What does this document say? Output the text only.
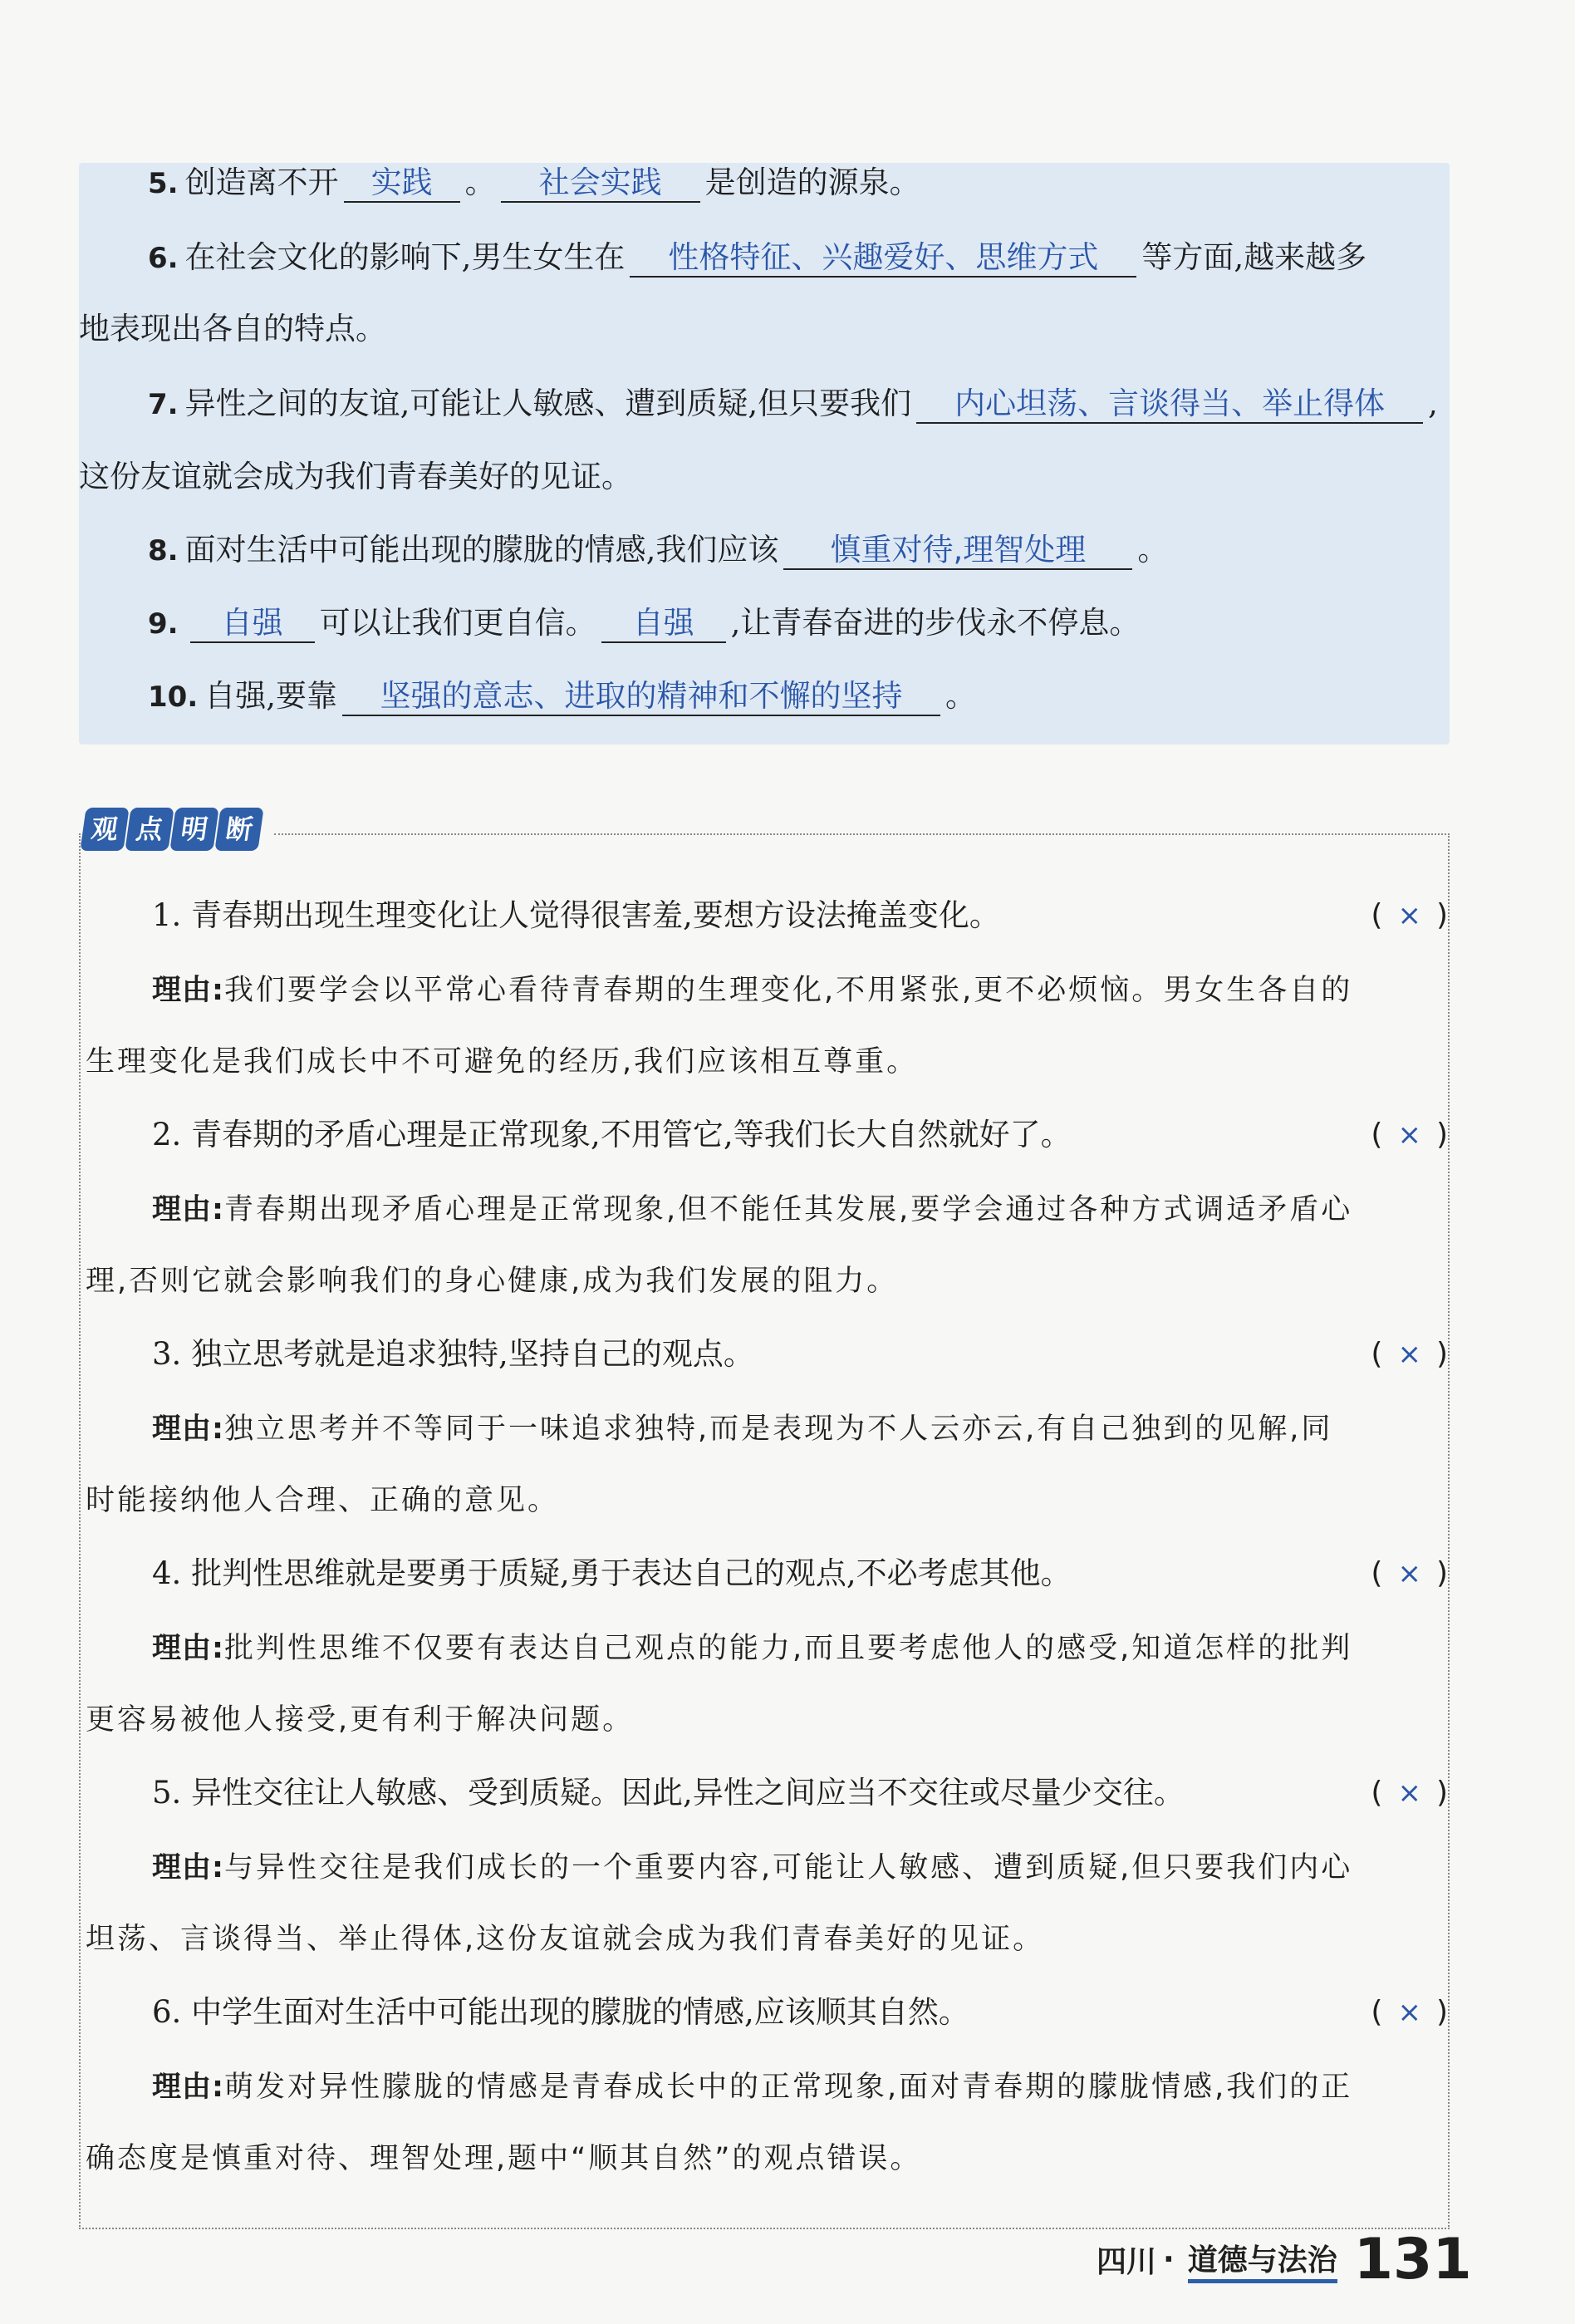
5. 创造离不开 实践 。 社会实践 是创造的源泉。
6. 在社会文化的影响下,男生女生在 性格特征、兴趣爱好、思维方式 等方面,越来越多
地表现出各自的特点。
7. 异性之间的友谊,可能让人敏感、遭到质疑,但只要我们 内心坦荡、言谈得当、举止得体 ,
这份友谊就会成为我们青春美好的见证。
8. 面对生活中可能出现的朦胧的情感,我们应该 慎重对待,理智处理 。
9. 自强 可以让我们更自信。 自强 ,让青春奋进的步伐永不停息。
10. 自强,要靠 坚强的意志、进取的精神和不懈的坚持 。
观 点 明 断
1. 青春期出现生理变化让人觉得很害羞,要想方设法掩盖变化。	( × )
理由:我们要学会以平常心看待青春期的生理变化,不用紧张,更不必烦恼。男女生各自的
生理变化是我们成长中不可避免的经历,我们应该相互尊重。
2. 青春期的矛盾心理是正常现象,不用管它,等我们长大自然就好了。	( × )
理由:青春期出现矛盾心理是正常现象,但不能任其发展,要学会通过各种方式调适矛盾心
理,否则它就会影响我们的身心健康,成为我们发展的阻力。
3. 独立思考就是追求独特,坚持自己的观点。	( × )
理由:独立思考并不等同于一味追求独特,而是表现为不人云亦云,有自己独到的见解,同
时能接纳他人合理、正确的意见。
4. 批判性思维就是要勇于质疑,勇于表达自己的观点,不必考虑其他。	( × )
理由:批判性思维不仅要有表达自己观点的能力,而且要考虑他人的感受,知道怎样的批判
更容易被他人接受,更有利于解决问题。
5. 异性交往让人敏感、受到质疑。因此,异性之间应当不交往或尽量少交往。	( × )
理由:与异性交往是我们成长的一个重要内容,可能让人敏感、遭到质疑,但只要我们内心
坦荡、言谈得当、举止得体,这份友谊就会成为我们青春美好的见证。
6. 中学生面对生活中可能出现的朦胧的情感,应该顺其自然。	( × )
理由:萌发对异性朦胧的情感是青春成长中的正常现象,面对青春期的朦胧情感,我们的正
确态度是慎重对待、理智处理,题中“顺其自然”的观点错误。
四川 · 道德与法治 131
